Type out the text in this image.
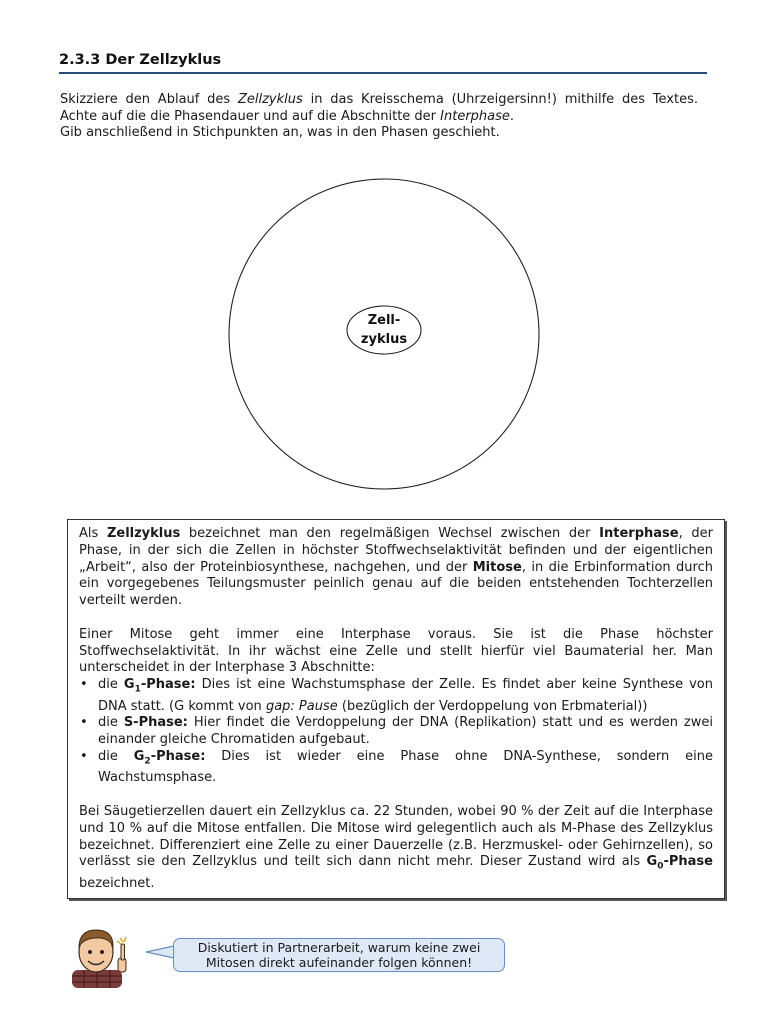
2.3.3 Der Zellzyklus

Skizziere den Ablauf des Zellzyklus in das Kreisschema (Uhrzeigersinn!) mithilfe des Textes. Achte auf die die Phasendauer und auf die Abschnitte der Interphase.

Gib anschließend in Stichpunkten an, was in den Phasen geschieht.

Zell-
zyklus

Als Zellzyklus bezeichnet man den regelmäßigen Wechsel zwischen der Interphase, der Phase, in der sich die Zellen in höchster Stoffwechselaktivität befinden und der eigentlichen „Arbeit“, also der Proteinbiosynthese, nachgehen, und der Mitose, in die Erbinformation durch ein vorgegebenes Teilungsmuster peinlich genau auf die beiden entstehenden Tochterzellen verteilt werden.

Einer Mitose geht immer eine Interphase voraus. Sie ist die Phase höchster Stoffwechselaktivität. In ihr wächst eine Zelle und stellt hierfür viel Baumaterial her. Man unterscheidet in der Interphase 3 Abschnitte:

• die $G_1$-Phase: Dies ist eine Wachstumsphase der Zelle. Es findet aber keine Synthese von DNA statt. (G kommt von gap: Pause (bezüglich der Verdoppelung von Erbmaterial))
• die S-Phase: Hier findet die Verdoppelung der DNA (Replikation) statt und es werden zwei einander gleiche Chromatiden aufgebaut.
• die $G_2$-Phase: Dies ist wieder eine Phase ohne DNA-Synthese, sondern eine Wachstumsphase.

Bei Säugetierzellen dauert ein Zellzyklus ca. 22 Stunden, wobei 90 % der Zeit auf die Interphase und 10 % auf die Mitose entfallen. Die Mitose wird gelegentlich auch als M-Phase des Zellzyklus bezeichnet. Differenziert eine Zelle zu einer Dauerzelle (z.B. Herzmuskel- oder Gehirnzellen), so verlässt sie den Zellzyklus und teilt sich dann nicht mehr. Dieser Zustand wird als $G_0$-Phase bezeichnet.

Diskutiert in Partnerarbeit, warum keine zwei
Mitosen direkt aufeinander folgen können!
